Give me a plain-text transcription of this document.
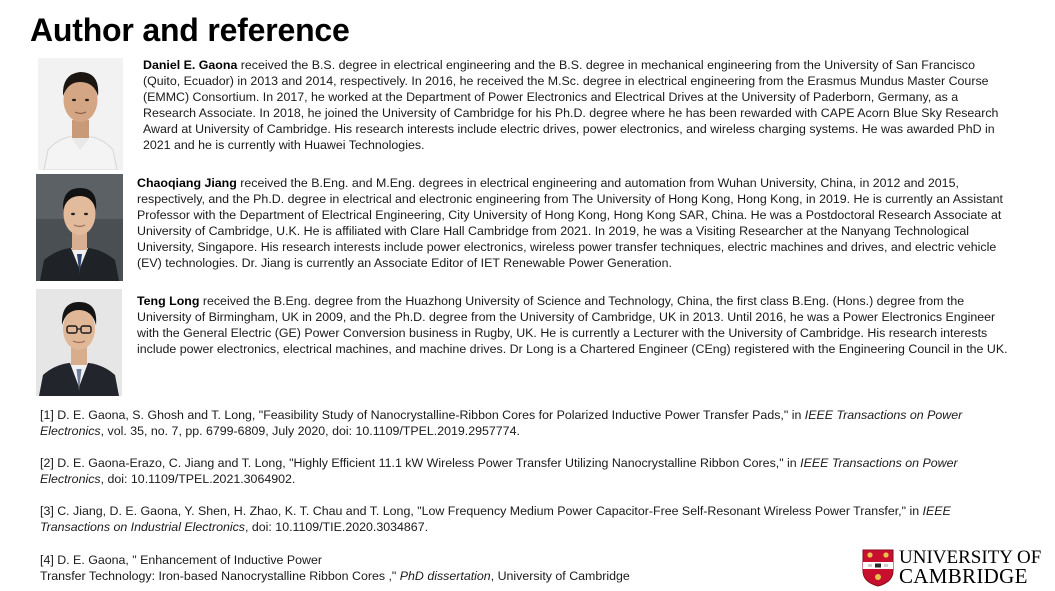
Author and reference
Daniel E. Gaona received the B.S. degree in electrical engineering and the B.S. degree in mechanical engineering from the University of San Francisco (Quito, Ecuador) in 2013 and 2014, respectively. In 2016, he received the M.Sc. degree in electrical engineering from the Erasmus Mundus Master Course (EMMC) Consortium. In 2017, he worked at the Department of Power Electronics and Electrical Drives at the University of Paderborn, Germany, as a Research Associate. In 2018, he joined the University of Cambridge for his Ph.D. degree where he has been rewarded with CAPE Acorn Blue Sky Research Award at University of Cambridge. His research interests include electric drives, power electronics, and wireless charging systems. He was awarded PhD in 2021 and he is currently with Huawei Technologies.
Chaoqiang Jiang received the B.Eng. and M.Eng. degrees in electrical engineering and automation from Wuhan University, China, in 2012 and 2015, respectively, and the Ph.D. degree in electrical and electronic engineering from The University of Hong Kong, Hong Kong, in 2019. He is currently an Assistant Professor with the Department of Electrical Engineering, City University of Hong Kong, Hong Kong SAR, China. He was a Postdoctoral Research Associate at University of Cambridge, U.K. He is affiliated with Clare Hall Cambridge from 2021. In 2019, he was a Visiting Researcher at the Nanyang Technological University, Singapore. His research interests include power electronics, wireless power transfer techniques, electric machines and drives, and electric vehicle (EV) technologies. Dr. Jiang is currently an Associate Editor of IET Renewable Power Generation.
Teng Long received the B.Eng. degree from the Huazhong University of Science and Technology, China, the first class B.Eng. (Hons.) degree from the University of Birmingham, UK in 2009, and the Ph.D. degree from the University of Cambridge, UK in 2013. Until 2016, he was a Power Electronics Engineer with the General Electric (GE) Power Conversion business in Rugby, UK. He is currently a Lecturer with the University of Cambridge. His research interests include power electronics, electrical machines, and machine drives. Dr Long is a Chartered Engineer (CEng) registered with the Engineering Council in the UK.
[1] D. E. Gaona, S. Ghosh and T. Long, "Feasibility Study of Nanocrystalline-Ribbon Cores for Polarized Inductive Power Transfer Pads," in IEEE Transactions on Power Electronics, vol. 35, no. 7, pp. 6799-6809, July 2020, doi: 10.1109/TPEL.2019.2957774.
[2] D. E. Gaona-Erazo, C. Jiang and T. Long, "Highly Efficient 11.1 kW Wireless Power Transfer Utilizing Nanocrystalline Ribbon Cores," in IEEE Transactions on Power Electronics, doi: 10.1109/TPEL.2021.3064902.
[3] C. Jiang, D. E. Gaona, Y. Shen, H. Zhao, K. T. Chau and T. Long, "Low Frequency Medium Power Capacitor-Free Self-Resonant Wireless Power Transfer," in IEEE Transactions on Industrial Electronics, doi: 10.1109/TIE.2020.3034867.
[4] D. E. Gaona, " Enhancement of Inductive Power
Transfer Technology: Iron-based Nanocrystalline Ribbon Cores ," PhD dissertation, University of Cambridge
UNIVERSITY OF
CAMBRIDGE
